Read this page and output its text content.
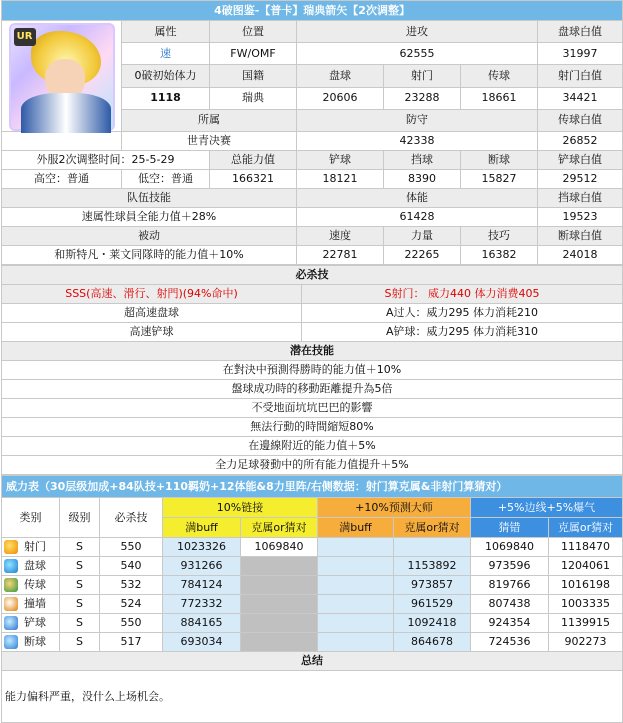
4破图鉴-【普卡】瑞典箭矢【2次调整】						

UR	属性	位置	进攻			盘球白值
	速	FW/OMF	62555			31997
	0破初始体力	国籍	盘球	射门	传球	射门白值
	1118	瑞典	20606	23288	18661	34421
	所属		防守			传球白值
	世青决赛		42338			26852
外服2次调整时间：25-5-29		总能力值	铲球	挡球	断球	铲球白值
高空：普通	低空：普通	166321	18121	8390	15827	29512
队伍技能			体能			挡球白值
速属性球員全能力值＋28%			61428			19523
被动			速度	力量	技巧	断球白值
和斯特凡・莱文同隊時的能力值＋10%			22781	22265	16382	24018
必杀技	
SSS(高速、滑行、射門)(94%命中)	S射门： 威力440 体力消费405
超高速盘球	A过人：威力295 体力消耗210
高速铲球	A铲球：威力295 体力消耗310
潜在技能	
在對決中預測得勝時的能力值＋10%	
盤球成功時的移動距離提升為5倍	
不受地面坑坑巴巴的影響	
無法行動的時間縮短80%	
在邊線附近的能力值＋5%	
全力足球發動中的所有能力值提升＋5%	
威力表（30层级加成+84队技+110羁奶+12体能&8力里阵/右侧数据：射门算克属&非射门算猜对）								
类别	级别	必杀技	10%链接		+10%预测大师		+5%边线+5%爆气	
			满buff	克属or猜对	满buff	克属or猜对	猜错	克属or猜对
射门	S	550	1023326	1069840			1069840	1118470
盘球	S	540	931266			1153892	973596	1204061
传球	S	532	784124			973857	819766	1016198
撞墙	S	524	772332			961529	807438	1003335
铲球	S	550	884165			1092418	924354	1139915
断球	S	517	693034			864678	724536	902273
总结								
能力偏科严重，没什么上场机会。								
